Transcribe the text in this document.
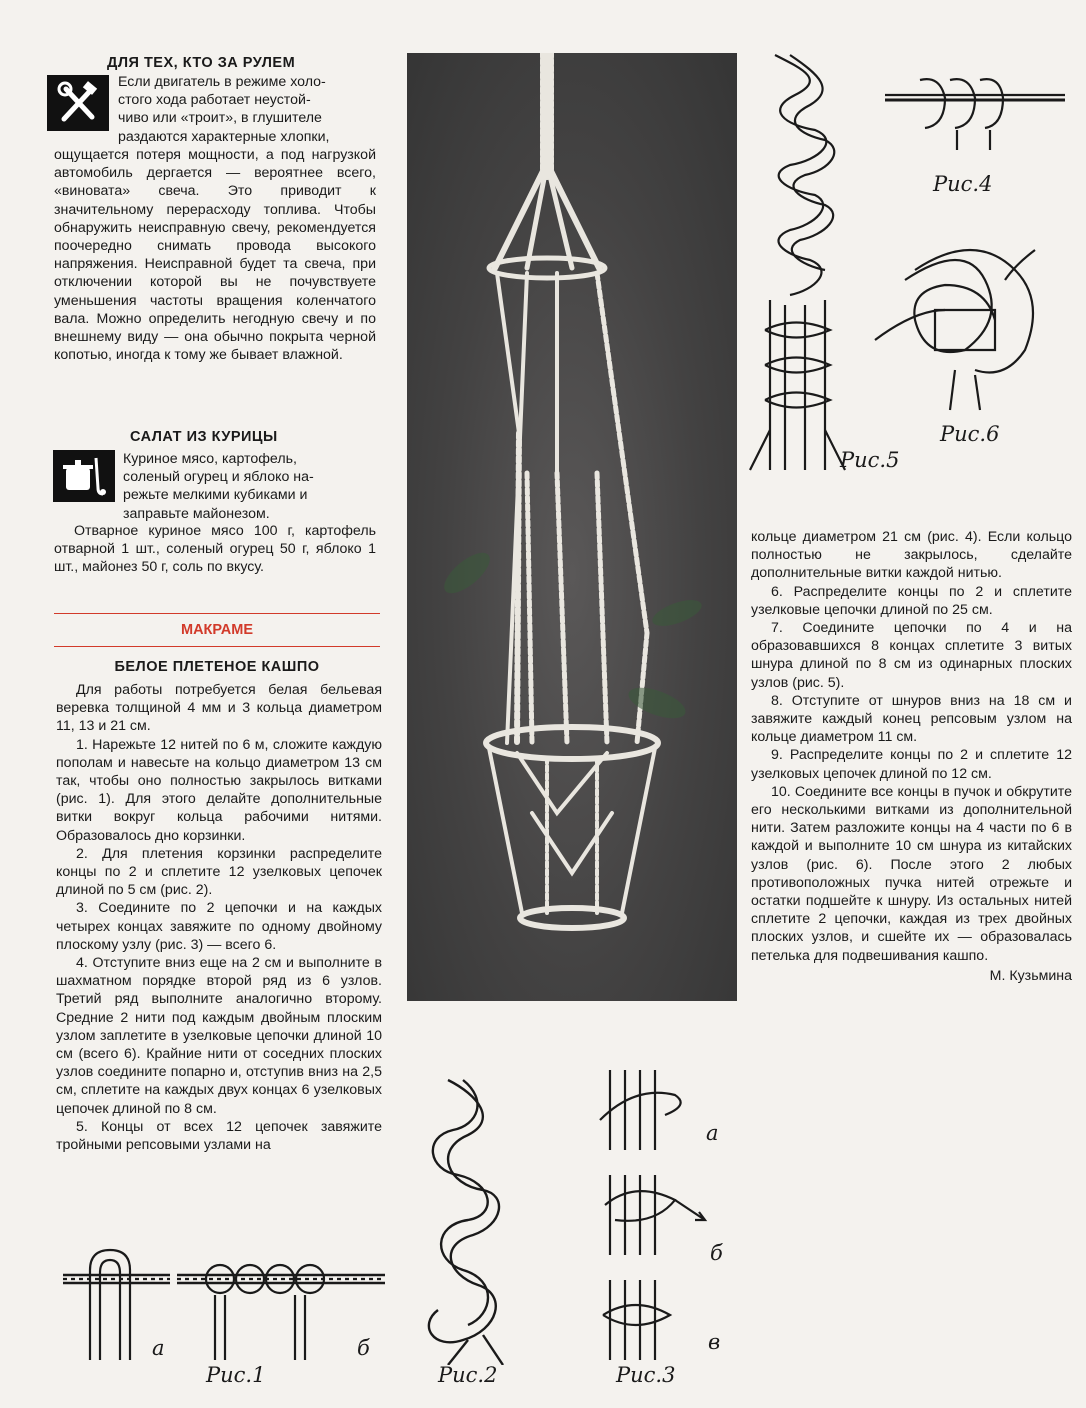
ДЛЯ ТЕХ, КТО ЗА РУЛЕМ
Если двигатель в режиме холо-
стого хода работает неустой-
чиво или «троит», в глушителе
раздаются характерные хлопки,

ощущается потеря мощности, а под нагрузкой автомобиль дергается — вероятнее всего, «виновата» свеча. Это приводит к значительному перерасходу топлива. Чтобы обнаружить неисправную свечу, рекомендуется поочередно снимать провода высокого напряжения. Неисправной будет та свеча, при отключении которой вы не почувствуете уменьшения частоты вращения коленчатого вала. Можно определить негодную свечу и по внешнему виду — она обычно покрыта черной копотью, иногда к тому же бывает влажной.

САЛАТ ИЗ КУРИЦЫ
Куриное мясо, картофель,
соленый огурец и яблоко на-
режьте мелкими кубиками и
заправьте майонезом.

Отварное куриное мясо 100 г, картофель отварной 1 шт., соленый огурец 50 г, яблоко 1 шт., майонез 50 г, соль по вкусу.

МАКРАМЕ
БЕЛОЕ ПЛЕТЕНОЕ КАШПО

Для работы потребуется белая бельевая веревка толщиной 4 мм и 3 кольца диаметром 11, 13 и 21 см.

1. Нарежьте 12 нитей по 6 м, сложите каждую пополам и навесьте на кольцо диаметром 13 см так, чтобы оно полностью закрылось витками (рис. 1). Для этого делайте дополнительные витки вокруг кольца рабочими нитями. Образовалось дно корзинки.

2. Для плетения корзинки распределите концы по 2 и сплетите 12 узелковых цепочек длиной по 5 см (рис. 2).

3. Соедините по 2 цепочки и на каждых четырех концах завяжите по одному двойному плоскому узлу (рис. 3) — всего 6.

4. Отступите вниз еще на 2 см и выполните в шахматном порядке второй ряд из 6 узлов. Третий ряд выполните аналогично второму. Средние 2 нити под каждым двойным плоским узлом заплетите в узелковые цепочки длиной 10 см (всего 6). Крайние нити от соседних плоских узлов соедините попарно и, отступив вниз на 2,5 см, сплетите на каждых двух концах 6 узелковых цепочек длиной по 8 см.

5. Концы от всех 12 цепочек завяжите тройными репсовыми узлами на

Рис.4
Рис.6
Рис.5

кольце диаметром 21 см (рис. 4). Если кольцо полностью не закрылось, сделайте дополнительные витки каждой нитью.

6. Распределите концы по 2 и сплетите узелковые цепочки длиной по 25 см.

7. Соедините цепочки по 4 и на образовавшихся 8 концах сплетите 3 витых шнура длиной по 8 см из одинарных плоских узлов (рис. 5).

8. Отступите от шнуров вниз на 18 см и завяжите каждый конец репсовым узлом на кольце диаметром 11 см.

9. Распределите концы по 2 и сплетите 12 узелковых цепочек длиной по 12 см.

10. Соедините все концы в пучок и обкрутите его несколькими витками из дополнительной нити. Затем разложите концы на 4 части по 6 в каждой и выполните 10 см шнура из китайских узлов (рис. 6). После этого 2 любых противоположных пучка нитей отрежьте и остатки подшейте к шнуру. Из остальных нитей сплетите 2 цепочки, каждая из трех двойных плоских узлов, и сшейте их — образовалась петелька для подвешивания кашпо.

М. Кузьмина

а	б
Рис.1	Рис.2
а
б
в
Рис.3
